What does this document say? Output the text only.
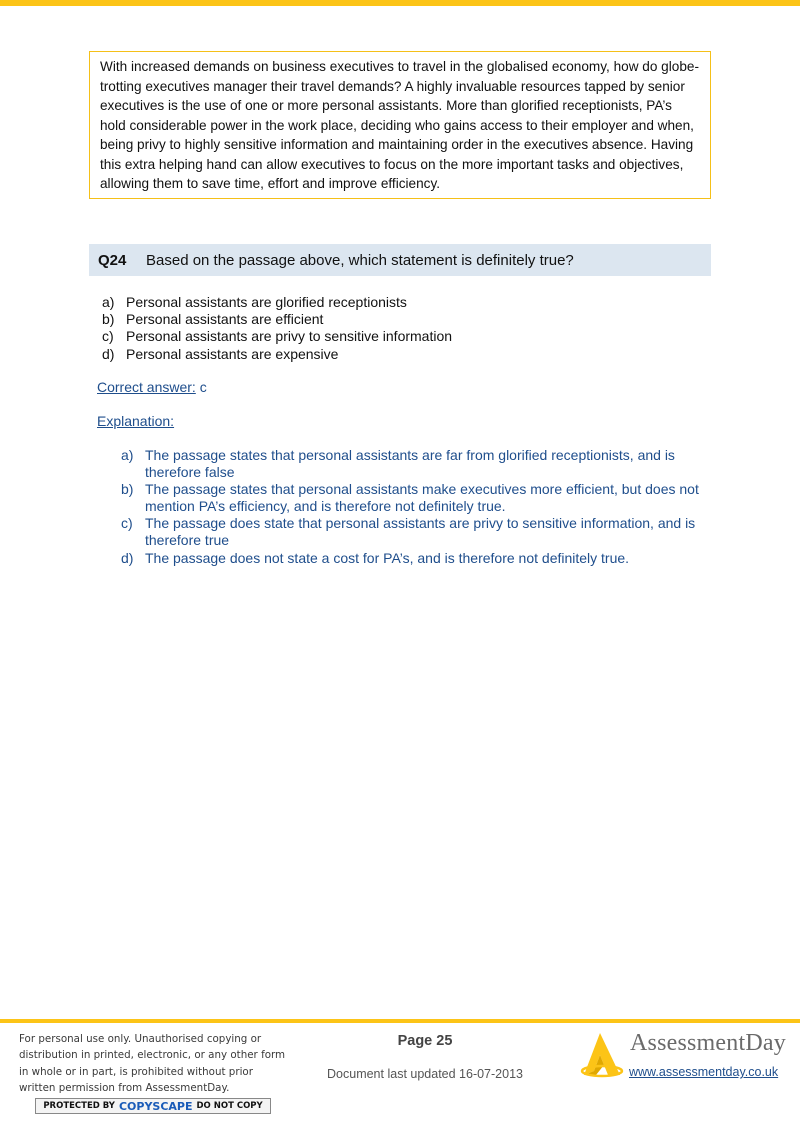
With increased demands on business executives to travel in the globalised economy, how do globe-trotting executives manager their travel demands? A highly invaluable resources tapped by senior executives is the use of one or more personal assistants. More than glorified receptionists, PA’s hold considerable power in the work place, deciding who gains access to their employer and when, being privy to highly sensitive information and maintaining order in the executives absence. Having this extra helping hand can allow executives to focus on the more important tasks and objectives, allowing them to save time, effort and improve efficiency.
Q24	Based on the passage above, which statement is definitely true?
a) Personal assistants are glorified receptionists
b) Personal assistants are efficient
c) Personal assistants are privy to sensitive information
d) Personal assistants are expensive
Correct answer: c
Explanation:
a) The passage states that personal assistants are far from glorified receptionists, and is therefore false
b) The passage states that personal assistants make executives more efficient, but does not mention PA’s efficiency, and is therefore not definitely true.
c) The passage does state that personal assistants are privy to sensitive information, and is therefore true
d) The passage does not state a cost for PA’s, and is therefore not definitely true.
For personal use only. Unauthorised copying or distribution in printed, electronic, or any other form in whole or in part, is prohibited without prior written permission from AssessmentDay.
PROTECTED BY COPYSCAPE DO NOT COPY
Page 25
Document last updated 16-07-2013
AssessmentDay
www.assessmentday.co.uk
